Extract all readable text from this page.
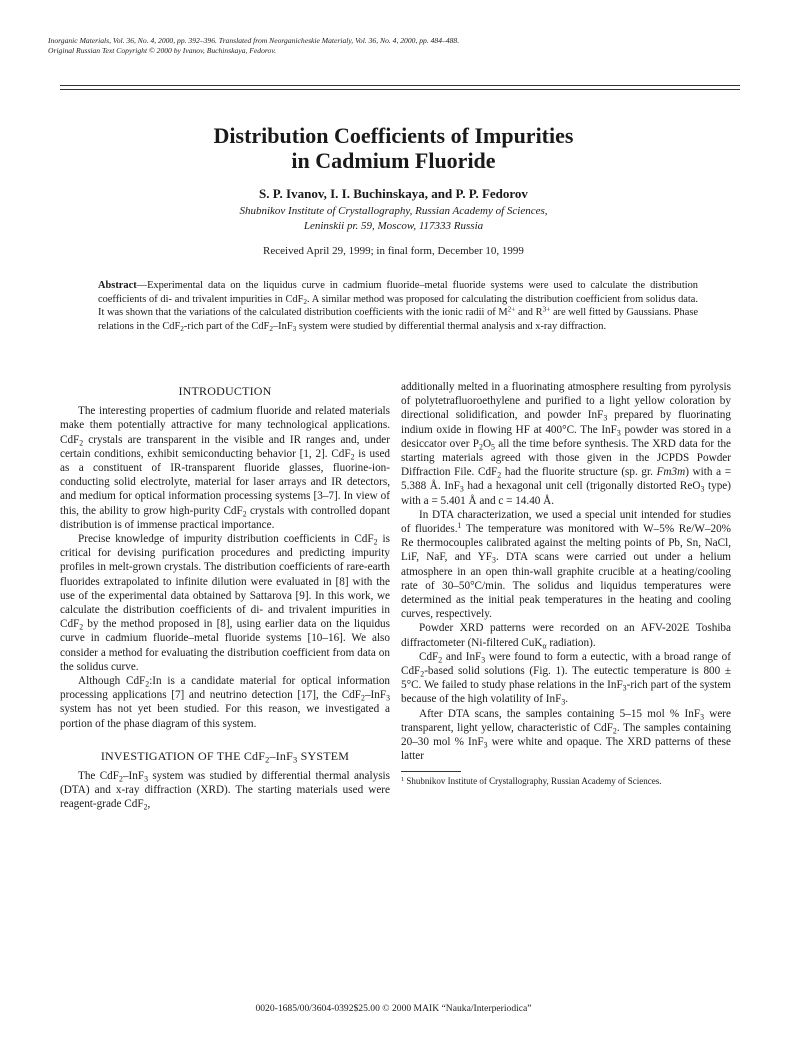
Inorganic Materials, Vol. 36, No. 4, 2000, pp. 392–396. Translated from Neorganicheskie Materialy, Vol. 36, No. 4, 2000, pp. 484–488.
Original Russian Text Copyright © 2000 by Ivanov, Buchinskaya, Fedorov.
Distribution Coefficients of Impurities
in Cadmium Fluoride
S. P. Ivanov, I. I. Buchinskaya, and P. P. Fedorov
Shubnikov Institute of Crystallography, Russian Academy of Sciences,
Leninskii pr. 59, Moscow, 117333 Russia
Received April 29, 1999; in final form, December 10, 1999
Abstract—Experimental data on the liquidus curve in cadmium fluoride–metal fluoride systems were used to calculate the distribution coefficients of di- and trivalent impurities in CdF$_2$. A similar method was proposed for calculating the distribution coefficient from solidus data. It was shown that the variations of the calculated distribution coefficients with the ionic radii of $M^{2+}$ and $R^{3+}$ are well fitted by Gaussians. Phase relations in the CdF$_2$-rich part of the CdF$_2$–InF$_3$ system were studied by differential thermal analysis and x-ray diffraction.
INTRODUCTION

The interesting properties of cadmium fluoride and related materials make them potentially attractive for many technological applications. CdF$_2$ crystals are transparent in the visible and IR ranges and, under certain conditions, exhibit semiconducting behavior [1, 2]. CdF$_2$ is used as a constituent of IR-transparent fluoride glasses, fluorine-ion-conducting solid electrolyte, material for laser arrays and IR detectors, and medium for optical information processing systems [3–7]. In view of this, the ability to grow high-purity CdF$_2$ crystals with controlled dopant distribution is of immense practical importance.

Precise knowledge of impurity distribution coefficients in CdF$_2$ is critical for devising purification procedures and predicting impurity profiles in melt-grown crystals. The distribution coefficients of rare-earth fluorides extrapolated to infinite dilution were evaluated in [8] with the use of the experimental data obtained by Sattarova [9]. In this work, we calculate the distribution coefficients of di- and trivalent impurities in CdF$_2$ by the method proposed in [8], using earlier data on the liquidus curve in cadmium fluoride–metal fluoride systems [10–16]. We also consider a method for evaluating the distribution coefficient from data on the solidus curve.

Although CdF$_2$:In is a candidate material for optical information processing applications [7] and neutrino detection [17], the CdF$_2$–InF$_3$ system has not yet been studied. For this reason, we investigated a portion of the phase diagram of this system.

INVESTIGATION OF THE CdF$_2$–InF$_3$ SYSTEM

The CdF$_2$–InF$_3$ system was studied by differential thermal analysis (DTA) and x-ray diffraction (XRD). The starting materials used were reagent-grade CdF$_2$,

additionally melted in a fluorinating atmosphere resulting from pyrolysis of polytetrafluoroethylene and purified to a light yellow coloration by directional solidification, and powder InF$_3$ prepared by fluorinating indium oxide in flowing HF at 400°C. The InF$_3$ powder was stored in a desiccator over $P_2O_5$ all the time before synthesis. The XRD data for the starting materials agreed with those given in the JCPDS Powder Diffraction File. CdF$_2$ had the fluorite structure (sp. gr. Fm3m) with a = 5.388 Å. InF$_3$ had a hexagonal unit cell (trigonally distorted ReO$_3$ type) with a = 5.401 Å and c = 14.40 Å.

In DTA characterization, we used a special unit intended for studies of fluorides.$^1$ The temperature was monitored with W–5% Re/W–20% Re thermocouples calibrated against the melting points of Pb, Sn, NaCl, LiF, NaF, and $YF_3$. DTA scans were carried out under a helium atmosphere in an open thin-wall graphite crucible at a heating/cooling rate of 30–50°C/min. The solidus and liquidus temperatures were determined as the initial peak temperatures in the heating and cooling curves, respectively.

Powder XRD patterns were recorded on an AFV-202E Toshiba diffractometer (Ni-filtered CuK$_\alpha$ radiation).

CdF$_2$ and InF$_3$ were found to form a eutectic, with a broad range of CdF$_2$-based solid solutions (Fig. 1). The eutectic temperature is 800 ± 5°C. We failed to study phase relations in the InF$_3$-rich part of the system because of the high volatility of InF$_3$.

After DTA scans, the samples containing 5–15 mol % InF$_3$ were transparent, light yellow, characteristic of CdF$_2$. The samples containing 20–30 mol % InF$_3$ were white and opaque. The XRD patterns of these latter

$^1$ Shubnikov Institute of Crystallography, Russian Academy of Sciences.

0020-1685/00/3604-0392$25.00 © 2000 MAIK “Nauka/Interperiodica”
